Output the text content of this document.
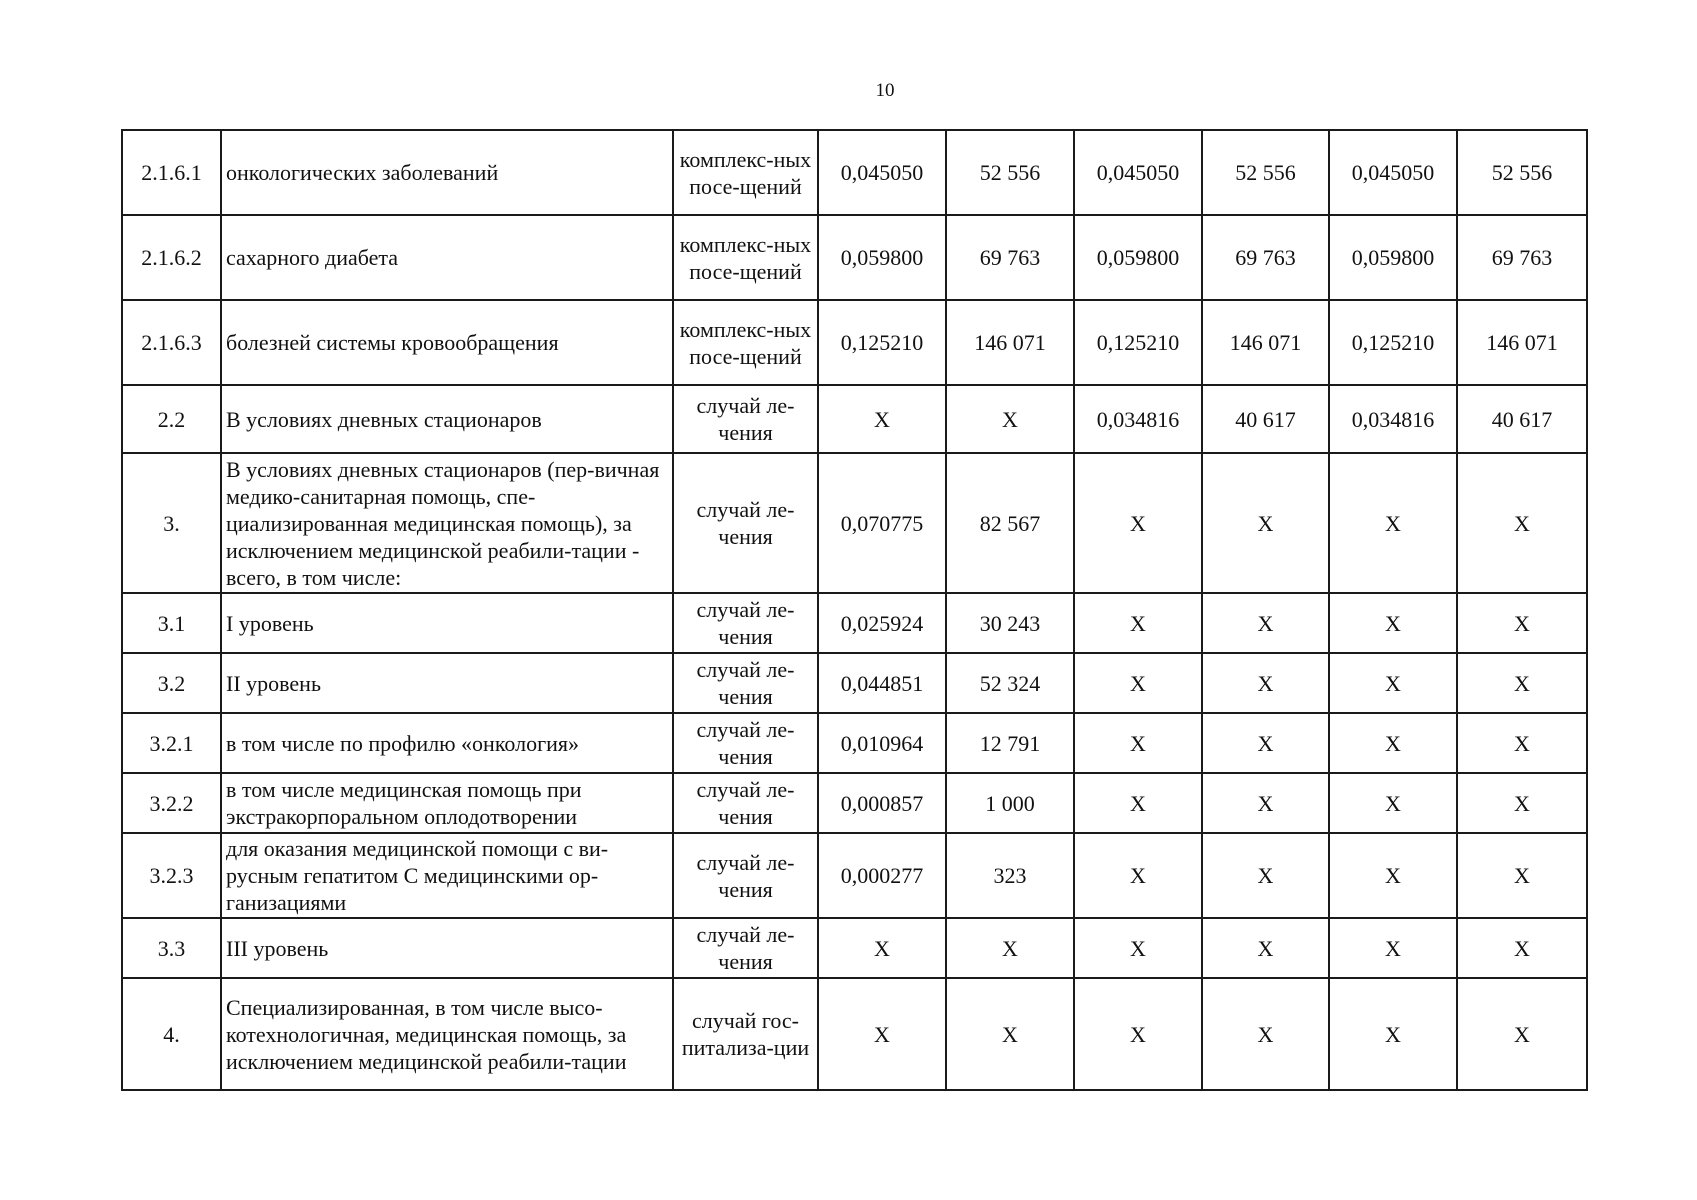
10
2.1.6.1	онкологических заболеваний	комплекс-ных посе-щений	0,045050	52 556	0,045050	52 556	0,045050	52 556
2.1.6.2	сахарного диабета	комплекс-ных посе-щений	0,059800	69 763	0,059800	69 763	0,059800	69 763
2.1.6.3	болезней системы кровообращения	комплекс-ных посе-щений	0,125210	146 071	0,125210	146 071	0,125210	146 071
2.2	В условиях дневных стационаров	случай ле-чения	X	X	0,034816	40 617	0,034816	40 617
3.	В условиях дневных стационаров (пер-вичная медико-санитарная помощь, спе-циализированная медицинская помощь), за исключением медицинской реабили-тации - всего, в том числе:	случай ле-чения	0,070775	82 567	X	X	X	X
3.1	I уровень	случай ле-чения	0,025924	30 243	X	X	X	X
3.2	II уровень	случай ле-чения	0,044851	52 324	X	X	X	X
3.2.1	в том числе по профилю «онкология»	случай ле-чения	0,010964	12 791	X	X	X	X
3.2.2	в том числе медицинская помощь при экстракорпоральном оплодотворении	случай ле-чения	0,000857	1 000	X	X	X	X
3.2.3	для оказания медицинской помощи с ви-русным гепатитом С медицинскими ор-ганизациями	случай ле-чения	0,000277	323	X	X	X	X
3.3	III уровень	случай ле-чения	X	X	X	X	X	X
4.	Специализированная, в том числе высо-котехнологичная, медицинская помощь, за исключением медицинской реабили-тации	случай гос-питализа-ции	X	X	X	X	X	X
